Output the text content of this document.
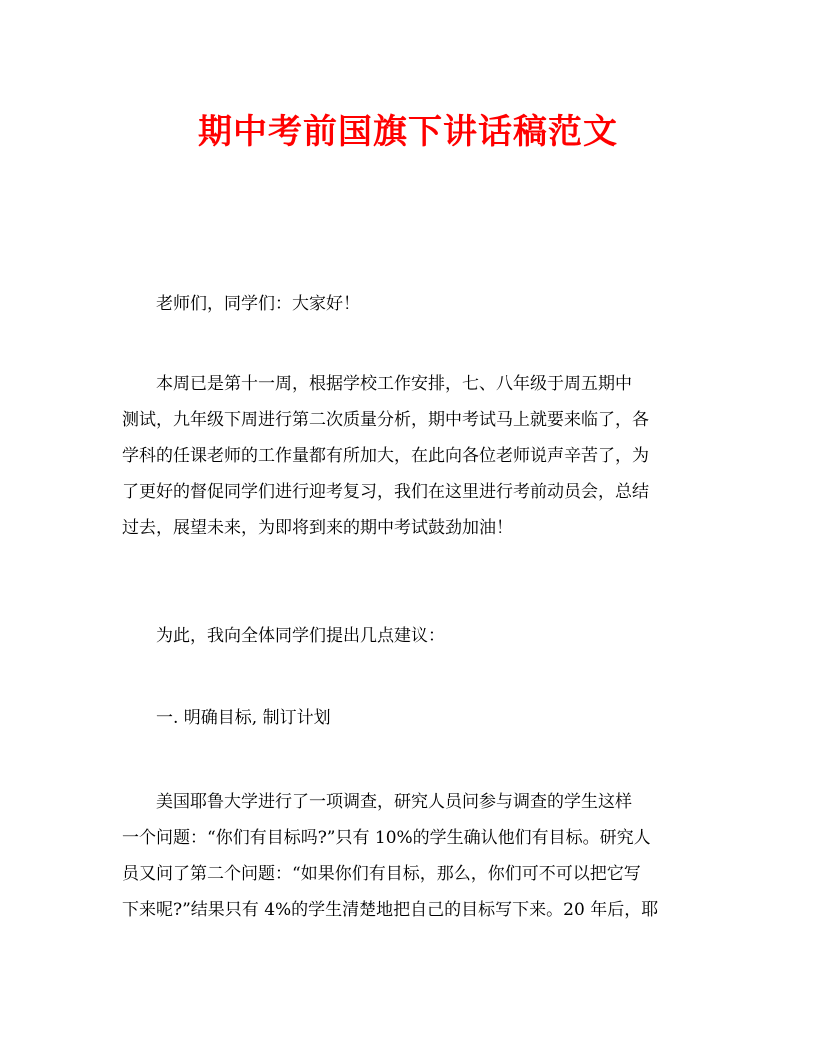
期中考前国旗下讲话稿范文

老师们，同学们：大家好！

本周已是第十一周，根据学校工作安排，七、八年级于周五期中
测试，九年级下周进行第二次质量分析，期中考试马上就要来临了，各
学科的任课老师的工作量都有所加大，在此向各位老师说声辛苦了，为
了更好的督促同学们进行迎考复习，我们在这里进行考前动员会，总结
过去，展望未来，为即将到来的期中考试鼓劲加油！

为此，我向全体同学们提出几点建议：

一. 明确目标, 制订计划

美国耶鲁大学进行了一项调查，研究人员问参与调查的学生这样
一个问题：“你们有目标吗?”只有 10%的学生确认他们有目标。研究人
员又问了第二个问题：“如果你们有目标，那么，你们可不可以把它写
下来呢?”结果只有 4%的学生清楚地把自己的目标写下来。20 年后，耶
